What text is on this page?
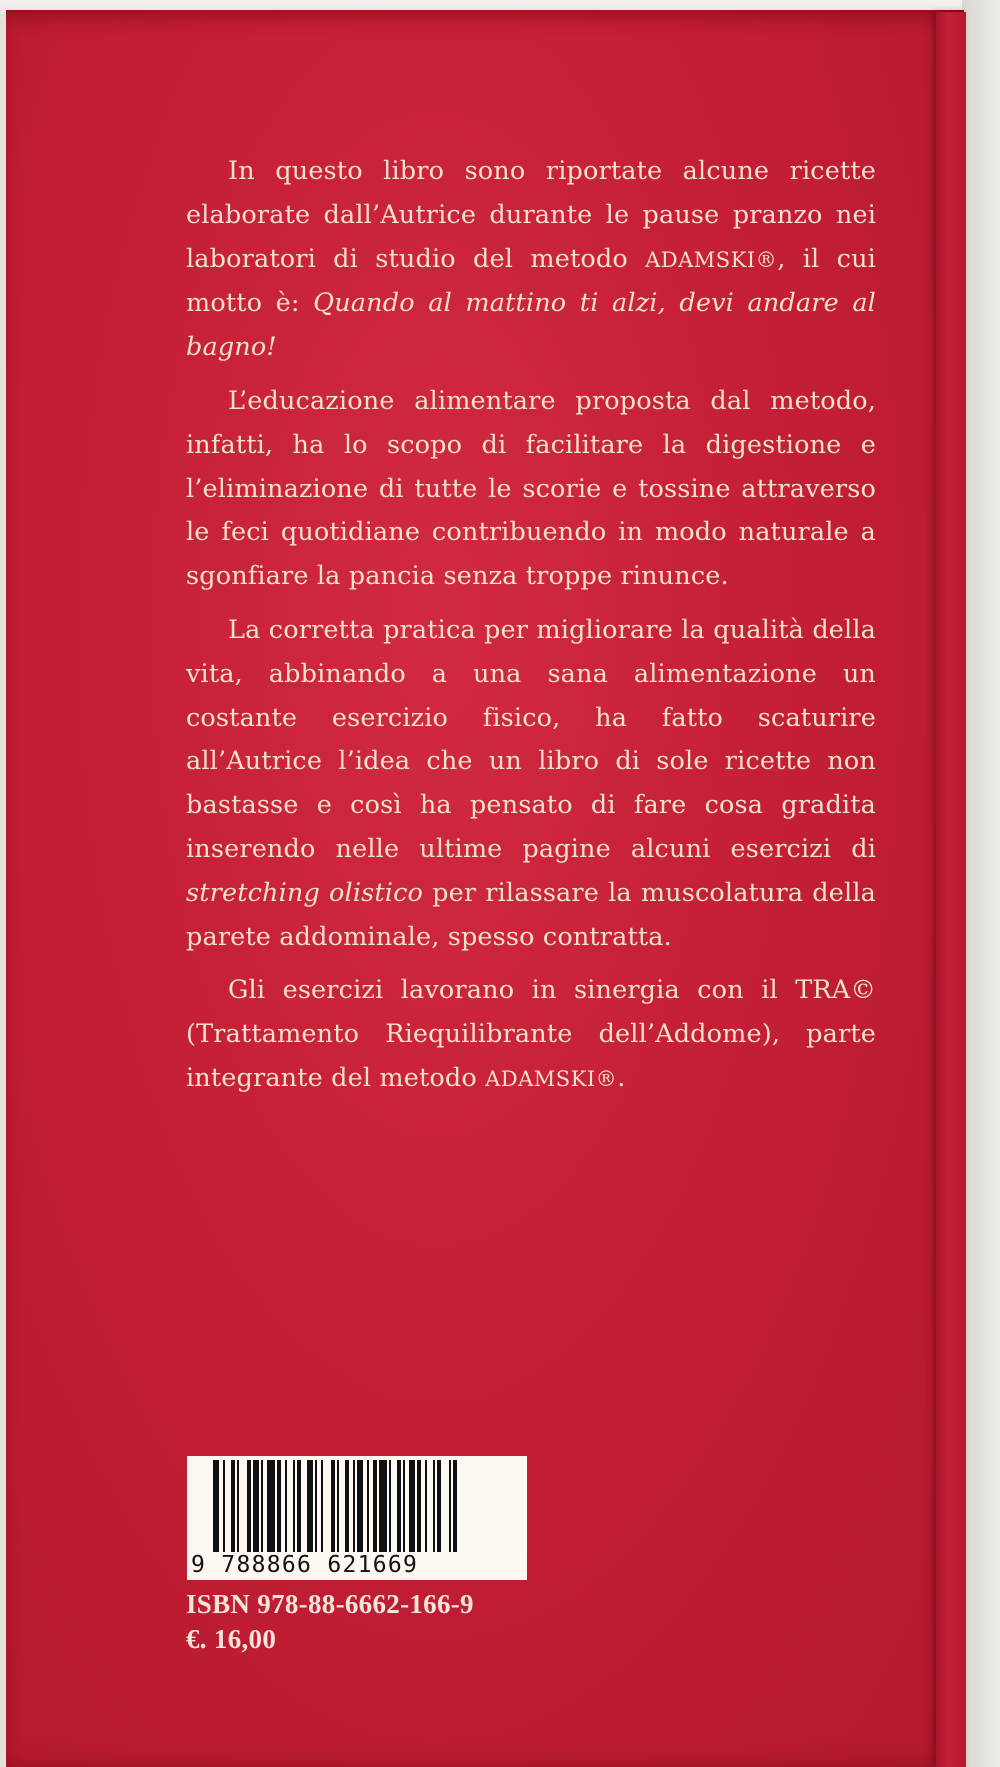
In questo libro sono riportate alcune ricette elaborate dall’Autrice durante le pause pranzo nei laboratori di studio del metodo ADAMSKI®, il cui motto è: Quando al mattino ti alzi, devi andare al bagno!

L’educazione alimentare proposta dal metodo, infatti, ha lo scopo di facilitare la digestione e l’eliminazione di tutte le scorie e tossine attraverso le feci quotidiane contribuendo in modo naturale a sgonfiare la pancia senza troppe rinunce.

La corretta pratica per migliorare la qualità della vita, abbinando a una sana alimentazione un costante esercizio fisico, ha fatto scaturire all’Autrice l’idea che un libro di sole ricette non bastasse e così ha pensato di fare cosa gradita inserendo nelle ultime pagine alcuni esercizi di stretching olistico per rilassare la muscolatura della parete addominale, spesso contratta.

Gli esercizi lavorano in sinergia con il TRA© (Trattamento Riequilibrante dell’Addome), parte integrante del metodo ADAMSKI®.

9 788866 621669
ISBN 978-88-6662-166-9
€. 16,00
